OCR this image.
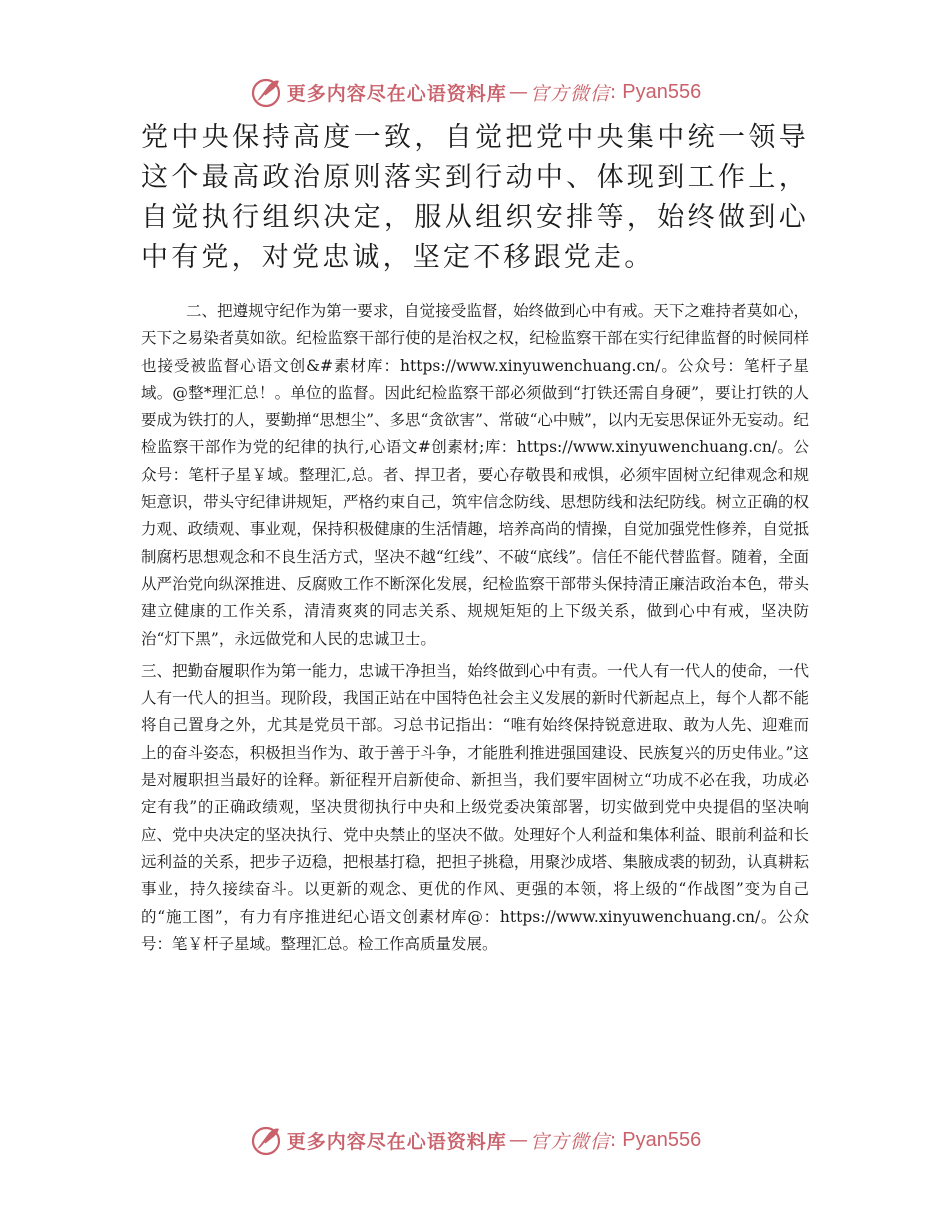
更多内容尽在心语资料库 — 官方微信 : Pyan556

党中央保持高度一致，自觉把党中央集中统一领导这个最高政治原则落实到行动中、体现到工作上，自觉执行组织决定，服从组织安排等，始终做到心中有党，对党忠诚，坚定不移跟党走。

二、把遵规守纪作为第一要求，自觉接受监督，始终做到心中有戒。天下之难持者莫如心，天下之易染者莫如欲。纪检监察干部行使的是治权之权，纪检监察干部在实行纪律监督的时候同样也接受被监督心语文创&#素材库：https://www.xinyuwenchuang.cn/。公众号：笔杆子星域。@整*理汇总！。单位的监督。因此纪检监察干部必须做到“打铁还需自身硬”，要让打铁的人要成为铁打的人，要勤掸“思想尘”、多思“贪欲害”、常破“心中贼”，以内无妄思保证外无妄动。纪检监察干部作为党的纪律的执行,心语文#创素材;库：https://www.xinyuwenchuang.cn/。公众号：笔杆子星￥域。整理汇,总。者、捍卫者，要心存敬畏和戒惧，必须牢固树立纪律观念和规矩意识，带头守纪律讲规矩，严格约束自己，筑牢信念防线、思想防线和法纪防线。树立正确的权力观、政绩观、事业观，保持积极健康的生活情趣，培养高尚的情操，自觉加强党性修养，自觉抵制腐朽思想观念和不良生活方式，坚决不越“红线”、不破“底线”。信任不能代替监督。随着，全面从严治党向纵深推进、反腐败工作不断深化发展，纪检监察干部带头保持清正廉洁政治本色，带头建立健康的工作关系，清清爽爽的同志关系、规规矩矩的上下级关系，做到心中有戒，坚决防治“灯下黑”，永远做党和人民的忠诚卫士。

三、把勤奋履职作为第一能力，忠诚干净担当，始终做到心中有责。一代人有一代人的使命，一代人有一代人的担当。现阶段，我国正站在中国特色社会主义发展的新时代新起点上，每个人都不能将自己置身之外，尤其是党员干部。习总书记指出：“唯有始终保持锐意进取、敢为人先、迎难而上的奋斗姿态，积极担当作为、敢于善于斗争，才能胜利推进强国建设、民族复兴的历史伟业。”这是对履职担当最好的诠释。新征程开启新使命、新担当，我们要牢固树立“功成不必在我，功成必定有我”的正确政绩观，坚决贯彻执行中央和上级党委决策部署，切实做到党中央提倡的坚决响应、党中央决定的坚决执行、党中央禁止的坚决不做。处理好个人利益和集体利益、眼前利益和长远利益的关系，把步子迈稳，把根基打稳，把担子挑稳，用聚沙成塔、集腋成裘的韧劲，认真耕耘事业，持久接续奋斗。以更新的观念、更优的作风、更强的本领，将上级的“作战图”变为自己的“施工图”，有力有序推进纪心语文创素材库@：https://www.xinyuwenchuang.cn/。公众号：笔￥杆子星域。整理汇总。检工作高质量发展。

更多内容尽在心语资料库 — 官方微信 : Pyan556
